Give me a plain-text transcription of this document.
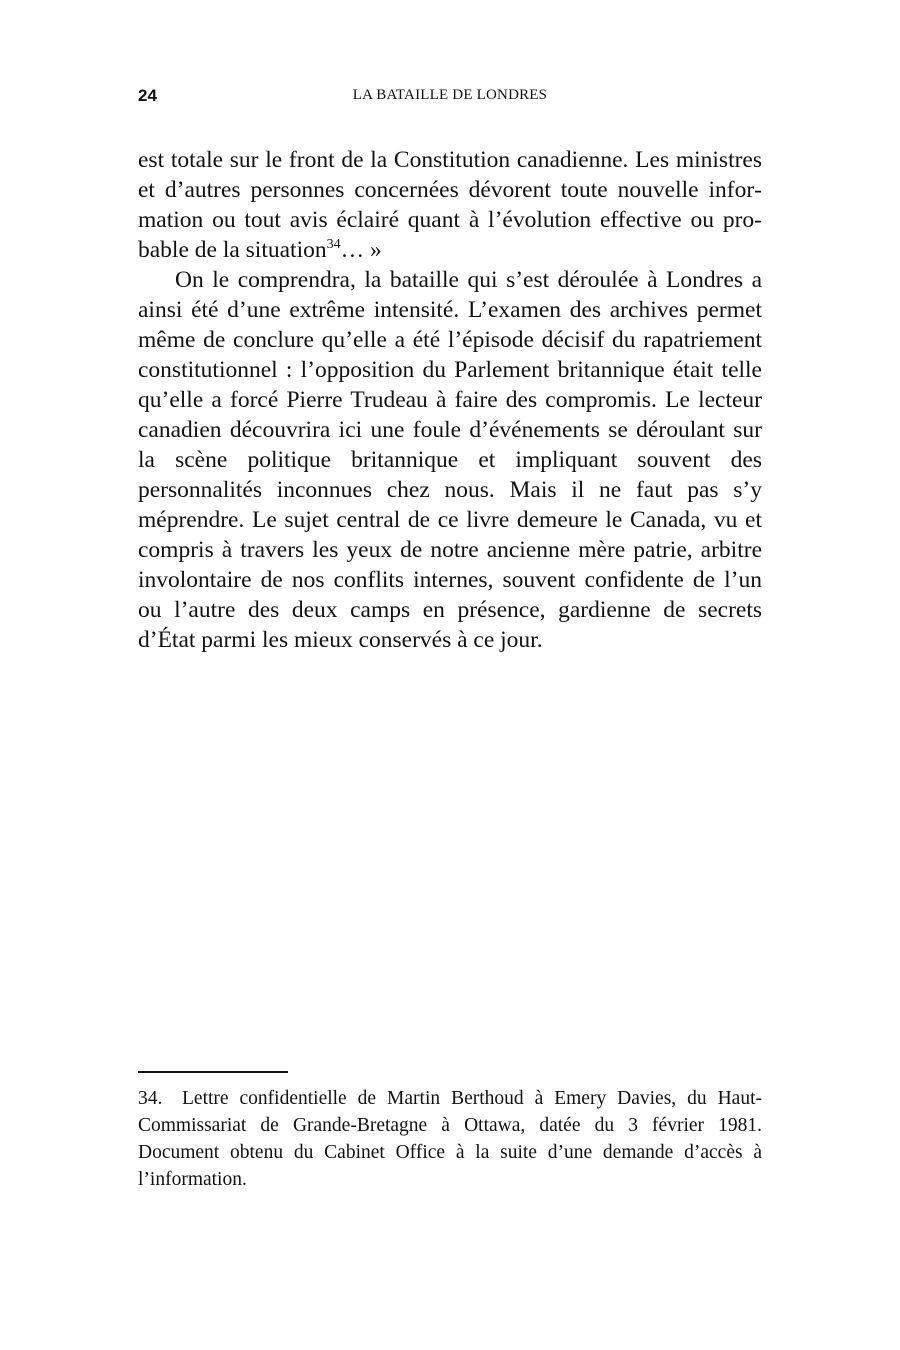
24	LA BATAILLE DE LONDRES

est totale sur le front de la Constitution canadienne. Les ministres et d’autres personnes concernées dévorent toute nouvelle information ou tout avis éclairé quant à l’évolution effective ou probable de la situation$^{34}$… »

On le comprendra, la bataille qui s’est déroulée à Londres a ainsi été d’une extrême intensité. L’examen des archives permet même de conclure qu’elle a été l’épisode décisif du rapatriement constitutionnel : l’opposition du Parlement britannique était telle qu’elle a forcé Pierre Trudeau à faire des compromis. Le lecteur canadien découvrira ici une foule d’événements se déroulant sur la scène politique britannique et impliquant souvent des personnalités inconnues chez nous. Mais il ne faut pas s’y méprendre. Le sujet central de ce livre demeure le Canada, vu et compris à travers les yeux de notre ancienne mère patrie, arbitre involontaire de nos conflits internes, souvent confidente de l’un ou l’autre des deux camps en présence, gardienne de secrets d’État parmi les mieux conservés à ce jour.

34. Lettre confidentielle de Martin Berthoud à Emery Davies, du Haut-Commissariat de Grande-Bretagne à Ottawa, datée du 3 février 1981. Document obtenu du Cabinet Office à la suite d’une demande d’accès à l’information.
